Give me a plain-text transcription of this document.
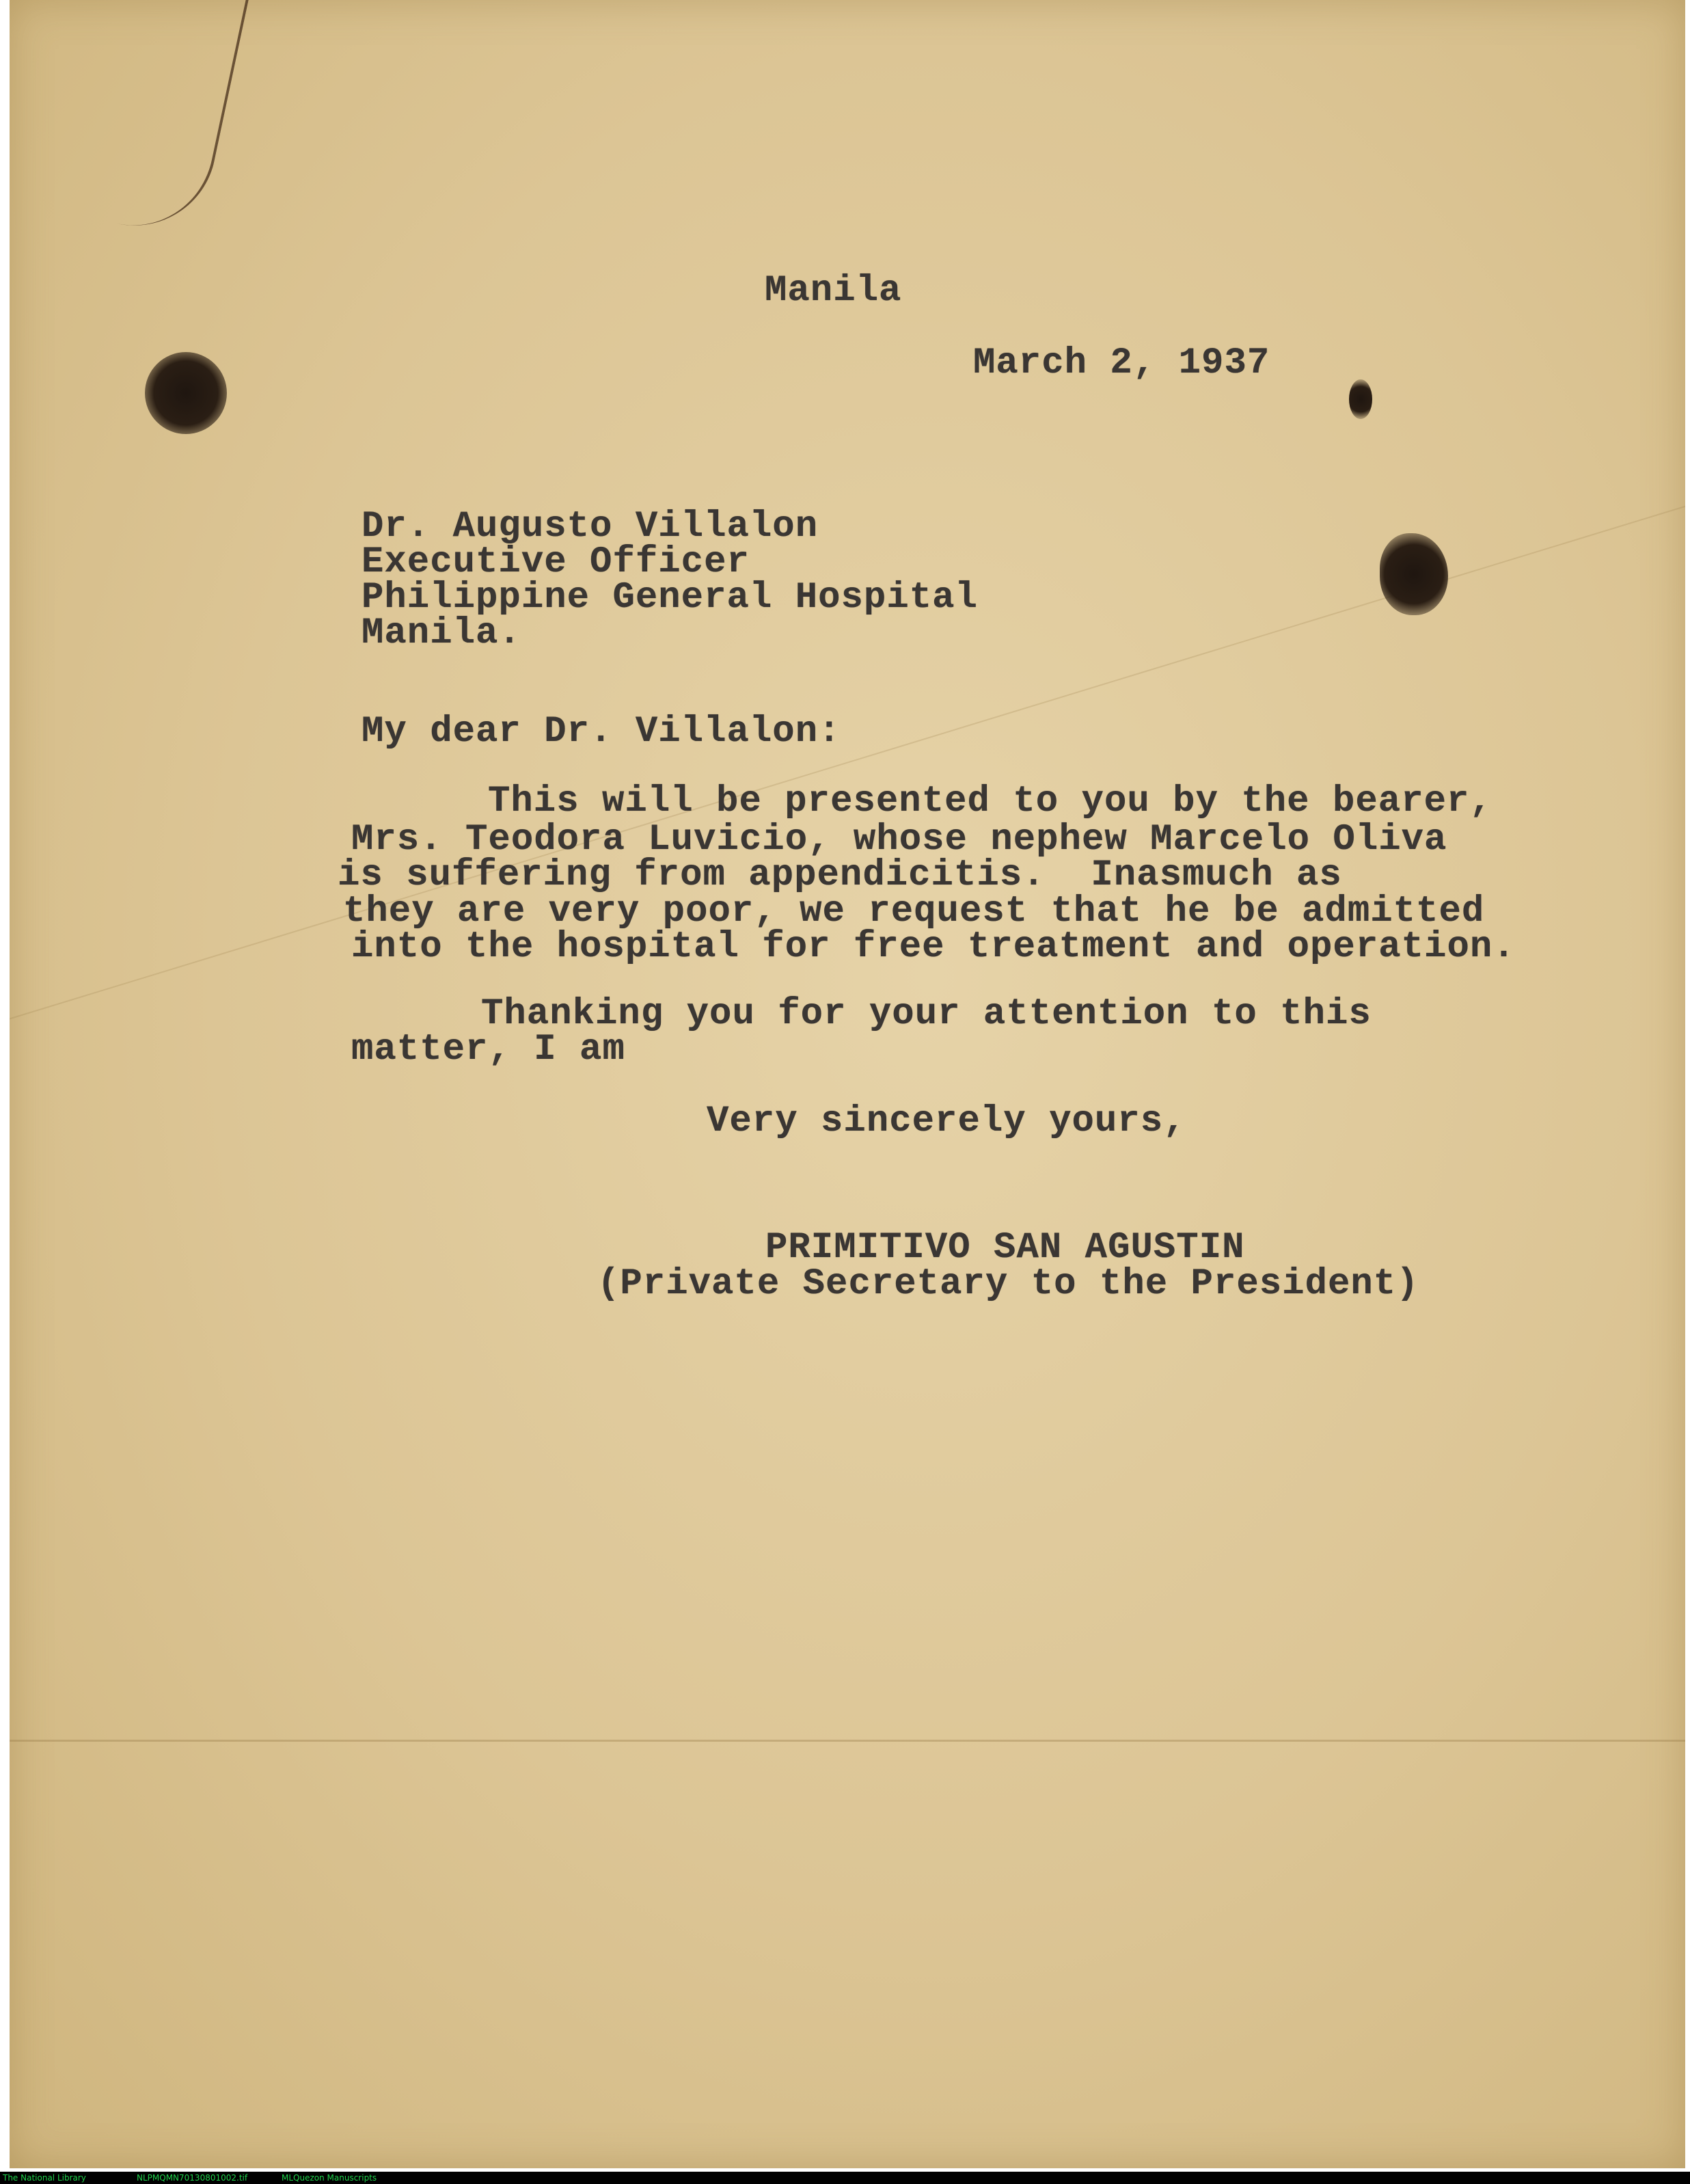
Manila
March 2, 1937
Dr. Augusto Villalon
Executive Officer
Philippine General Hospital
Manila.
My dear Dr. Villalon:
This will be presented to you by the bearer,
Mrs. Teodora Luvicio, whose nephew Marcelo Oliva
is suffering from appendicitis.  Inasmuch as
they are very poor, we request that he be admitted
into the hospital for free treatment and operation.
Thanking you for your attention to this
matter, I am
Very sincerely yours,
PRIMITIVO SAN AGUSTIN
(Private Secretary to the President)
The National Library	NLPMQMN70130801002.tif	MLQuezon Manuscripts
